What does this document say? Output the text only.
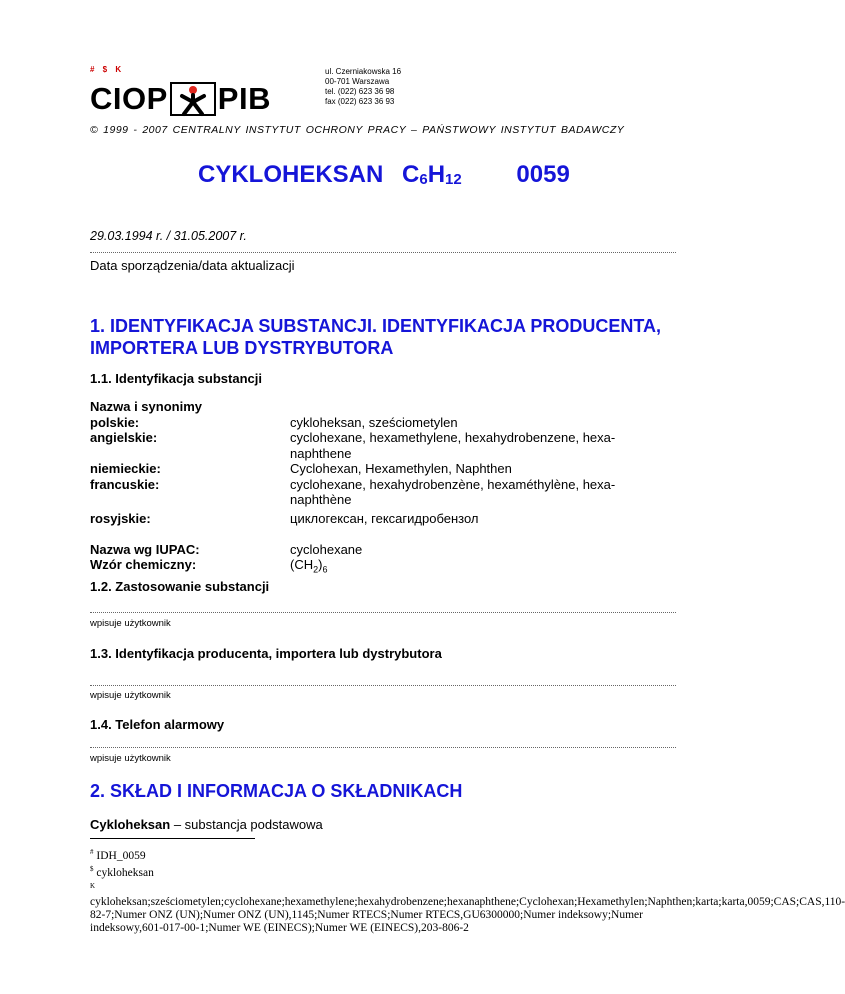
# $ K
CIOP PIB
ul. Czerniakowska 16
00-701 Warszawa
tel. (022) 623 36 98
fax (022) 623 36 93
© 1999 - 2007 CENTRALNY INSTYTUT OCHRONY PRACY – PAŃSTWOWY INSTYTUT BADAWCZY
CYKLOHEKSAN $C_6H_{12}$ 0059
29.03.1994 r. / 31.05.2007 r.
Data sporządzenia/data aktualizacji
1. IDENTYFIKACJA SUBSTANCJI. IDENTYFIKACJA PRODUCENTA, IMPORTERA LUB DYSTRYBUTORA
1.1. Identyfikacja substancji
Nazwa i synonimy
polskie:	cykloheksan, sześciometylen
angielskie:	cyclohexane, hexamethylene, hexahydrobenzene, hexa-naphthene
niemieckie:	Cyclohexan, Hexamethylen, Naphthen
francuskie:	cyclohexane, hexahydrobenzène, hexaméthylène, hexa-naphthène
rosyjskie:	циклогексан, гексагидробензол
Nazwa wg IUPAC:	cyclohexane
Wzór chemiczny:	$(CH_2)_6$
1.2. Zastosowanie substancji
wpisuje użytkownik
1.3. Identyfikacja producenta, importera lub dystrybutora
wpisuje użytkownik
1.4. Telefon alarmowy
wpisuje użytkownik
2. SKŁAD I INFORMACJA O SKŁADNIKACH
Cykloheksan – substancja podstawowa
# IDH_0059
$ cykloheksan
$^K$ cykloheksan;sześciometylen;cyclohexane;hexamethylene;hexahydrobenzene;hexanaphthene;Cyclohexan;Hexamethylen;Naphthen;karta;karta,0059;CAS;CAS,110-82-7;Numer ONZ (UN);Numer ONZ (UN),1145;Numer RTECS;Numer RTECS,GU6300000;Numer indeksowy;Numer indeksowy,601-017-00-1;Numer WE (EINECS);Numer WE (EINECS),203-806-2
